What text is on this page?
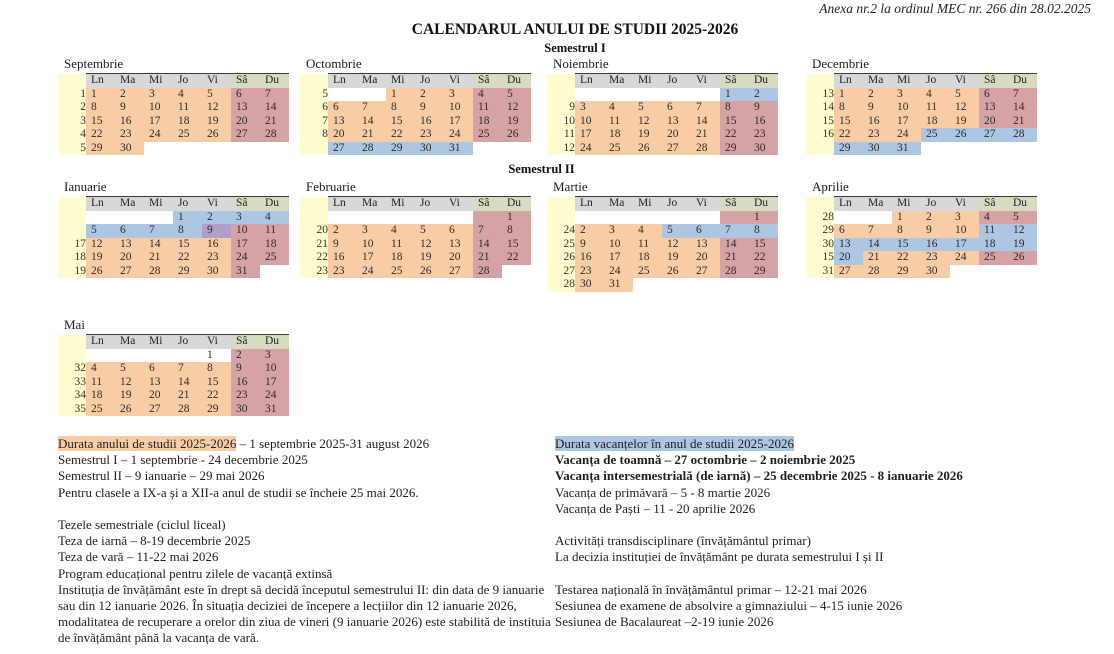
Anexa nr.2 la ordinul MEC nr. 266 din 28.02.2025
CALENDARUL ANULUI DE STUDII 2025-2026
Semestrul I
Semestrul II
Septembrie
	Ln	Ma	Mi	Jo	Vi	Sâ	Du
1	1	2	3	4	5	6	7
2	8	9	10	11	12	13	14
3	15	16	17	18	19	20	21
4	22	23	24	25	26	27	28
5	29	30					
Octombrie
	Ln	Ma	Mi	Jo	Vi	Sâ	Du
5			1	2	3	4	5
6	6	7	8	9	10	11	12
7	13	14	15	16	17	18	19
8	20	21	22	23	24	25	26
	27	28	29	30	31		
Noiembrie
	Ln	Ma	Mi	Jo	Vi	Sâ	Du
						1	2
9	3	4	5	6	7	8	9
10	10	11	12	13	14	15	16
11	17	18	19	20	21	22	23
12	24	25	26	27	28	29	30
Decembrie
	Ln	Ma	Mi	Jo	Vi	Sâ	Du
13	1	2	3	4	5	6	7
14	8	9	10	11	12	13	14
15	15	16	17	18	19	20	21
16	22	23	24	25	26	27	28
	29	30	31				
Ianuarie
	Ln	Ma	Mi	Jo	Vi	Sâ	Du
				1	2	3	4
	5	6	7	8	9	10	11
17	12	13	14	15	16	17	18
18	19	20	21	22	23	24	25
19	26	27	28	29	30	31	
Februarie
	Ln	Ma	Mi	Jo	Vi	Sâ	Du
							1
20	2	3	4	5	6	7	8
21	9	10	11	12	13	14	15
22	16	17	18	19	20	21	22
23	23	24	25	26	27	28	
Martie
	Ln	Ma	Mi	Jo	Vi	Sâ	Du
							1
24	2	3	4	5	6	7	8
25	9	10	11	12	13	14	15
26	16	17	18	19	20	21	22
27	23	24	25	26	27	28	29
28	30	31					
Aprilie
	Ln	Ma	Mi	Jo	Vi	Sâ	Du
28			1	2	3	4	5
29	6	7	8	9	10	11	12
30	13	14	15	16	17	18	19
15	20	21	22	23	24	25	26
31	27	28	29	30			
Mai
	Ln	Ma	Mi	Jo	Vi	Sâ	Du
					1	2	3
32	4	5	6	7	8	9	10
33	11	12	13	14	15	16	17
34	18	19	20	21	22	23	24
35	25	26	27	28	29	30	31
Durata anului de studii 2025-2026 – 1 septembrie 2025-31 august 2026
Semestrul I – 1 septembrie - 24 decembrie 2025
Semestrul II – 9 ianuarie – 29 mai 2026
Pentru clasele a IX-a și a XII-a anul de studii se încheie 25 mai 2026.
Tezele semestriale (ciclul liceal)
Teza de iarnă – 8-19 decembrie 2025
Teza de vară – 11-22 mai 2026
Program educațional pentru zilele de vacanță extinsă
Instituția de învățământ este în drept să decidă începutul semestrului II: din data de 9 ianuarie sau din 12 ianuarie 2026. În situația deciziei de începere a lecțiilor din 12 ianuarie 2026, modalitatea de recuperare a orelor din ziua de vineri (9 ianuarie 2026) este stabilită de instituia de învățământ până la vacanța de vară.
Durata vacanțelor în anul de studii 2025-2026
Vacanța de toamnă – 27 octombrie – 2 noiembrie 2025
Vacanța intersemestrială (de iarnă) – 25 decembrie 2025 - 8 ianuarie 2026
Vacanța de primăvară – 5 - 8 martie 2026
Vacanța de Paști – 11 - 20 aprilie 2026
Activități transdisciplinare (învățământul primar)
La decizia instituției de învățământ pe durata semestrului I și II
Testarea națională în învățământul primar – 12-21 mai 2026
Sesiunea de examene de absolvire a gimnaziului – 4-15 iunie 2026
Sesiunea de Bacalaureat –2-19 iunie 2026
